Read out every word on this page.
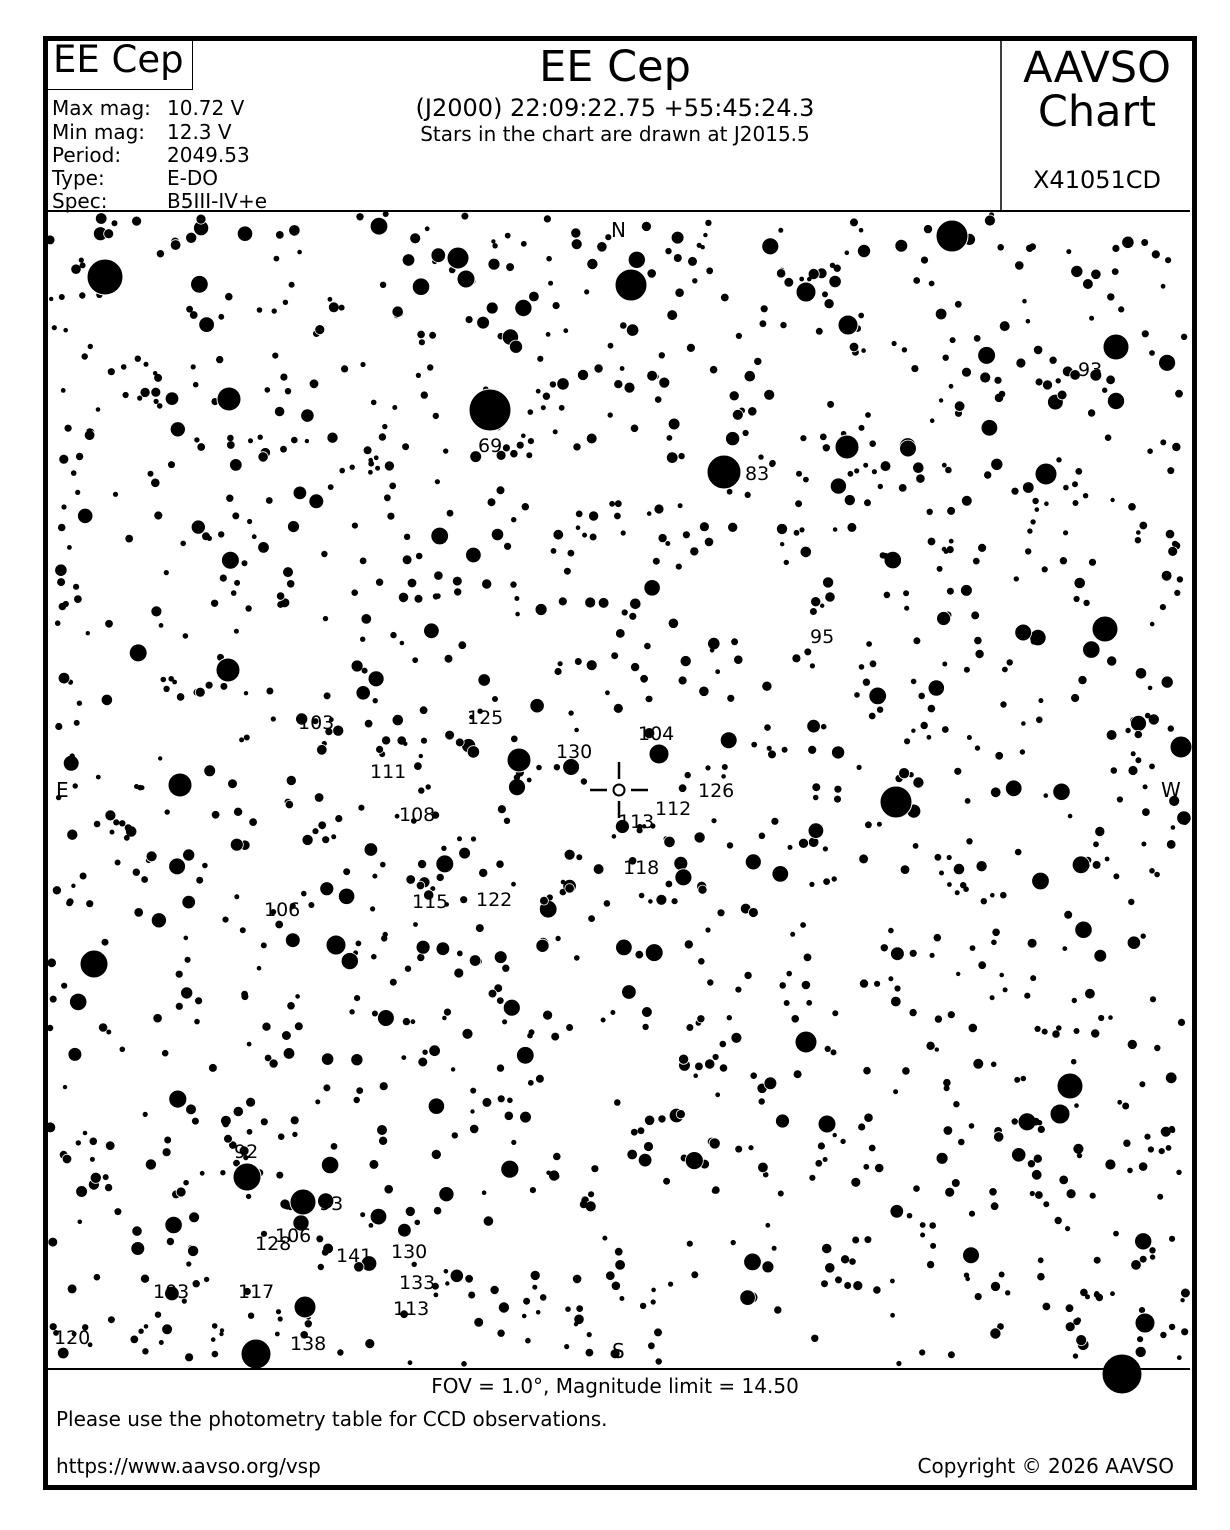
69
83
93
95
103	125
104
130
111
126
108	112
113
118
106	115 122
92
93
106
128
141 130
103	117	133
113
120	138
EE Cep
Max mag: 10.72 V
Min mag: 12.3 V
Period: 2049.53
Type:	E-DO
Spec:	B5III-IV+e
EE Cep
(J2000) 22:09:22.75 +55:45:24.3
Stars in the chart are drawn at J2015.5
AAVSO
Chart
X41051CD
N
S
E	W
FOV = 1.0°, Magnitude limit = 14.50
Please use the photometry table for CCD observations.
https://www.aavso.org/vsp	Copyright © 2026 AAVSO
